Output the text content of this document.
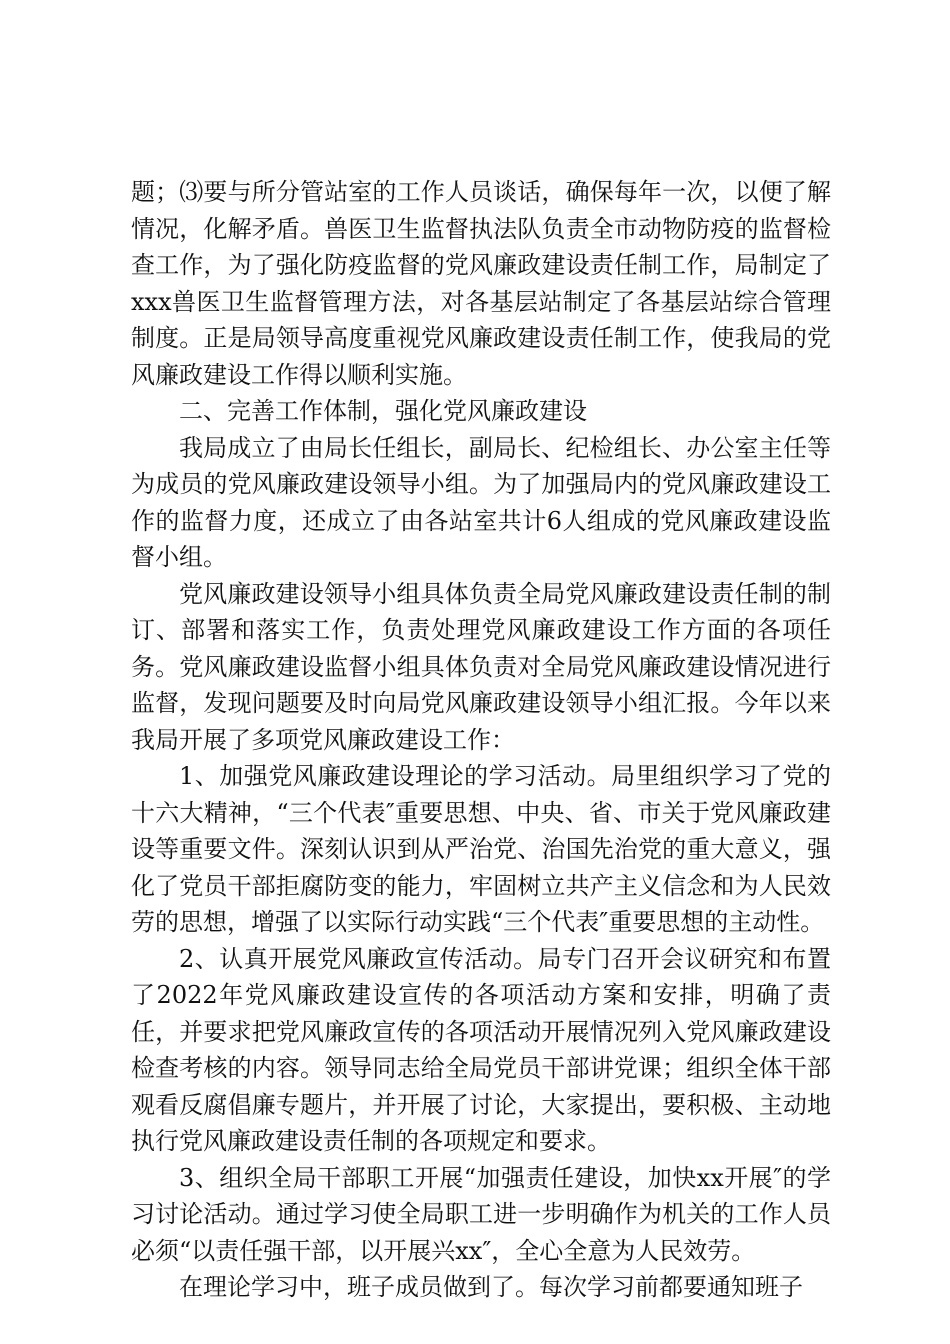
题；⑶要与所分管站室的工作人员谈话，确保每年一次，以便了解情况，化解矛盾。兽医卫生监督执法队负责全市动物防疫的监督检查工作，为了强化防疫监督的党风廉政建设责任制工作，局制定了xxx兽医卫生监督管理方法，对各基层站制定了各基层站综合管理制度。正是局领导高度重视党风廉政建设责任制工作，使我局的党风廉政建设工作得以顺利实施。

二、完善工作体制，强化党风廉政建设

我局成立了由局长任组长，副局长、纪检组长、办公室主任等为成员的党风廉政建设领导小组。为了加强局内的党风廉政建设工作的监督力度，还成立了由各站室共计6人组成的党风廉政建设监督小组。

党风廉政建设领导小组具体负责全局党风廉政建设责任制的制订、部署和落实工作，负责处理党风廉政建设工作方面的各项任务。党风廉政建设监督小组具体负责对全局党风廉政建设情况进行监督，发现问题要及时向局党风廉政建设领导小组汇报。今年以来我局开展了多项党风廉政建设工作：

1、加强党风廉政建设理论的学习活动。局里组织学习了党的十六大精神，“三个代表″重要思想、中央、省、市关于党风廉政建设等重要文件。深刻认识到从严治党、治国先治党的重大意义，强化了党员干部拒腐防变的能力，牢固树立共产主义信念和为人民效劳的思想，增强了以实际行动实践“三个代表″重要思想的主动性。

2、认真开展党风廉政宣传活动。局专门召开会议研究和布置了2022年党风廉政建设宣传的各项活动方案和安排，明确了责任，并要求把党风廉政宣传的各项活动开展情况列入党风廉政建设检查考核的内容。领导同志给全局党员干部讲党课；组织全体干部观看反腐倡廉专题片，并开展了讨论，大家提出，要积极、主动地执行党风廉政建设责任制的各项规定和要求。

3、组织全局干部职工开展“加强责任建设，加快xx开展″的学习讨论活动。通过学习使全局职工进一步明确作为机关的工作人员必须“以责任强干部，以开展兴xx″，全心全意为人民效劳。

在理论学习中，班子成员做到了。每次学习前都要通知班子
